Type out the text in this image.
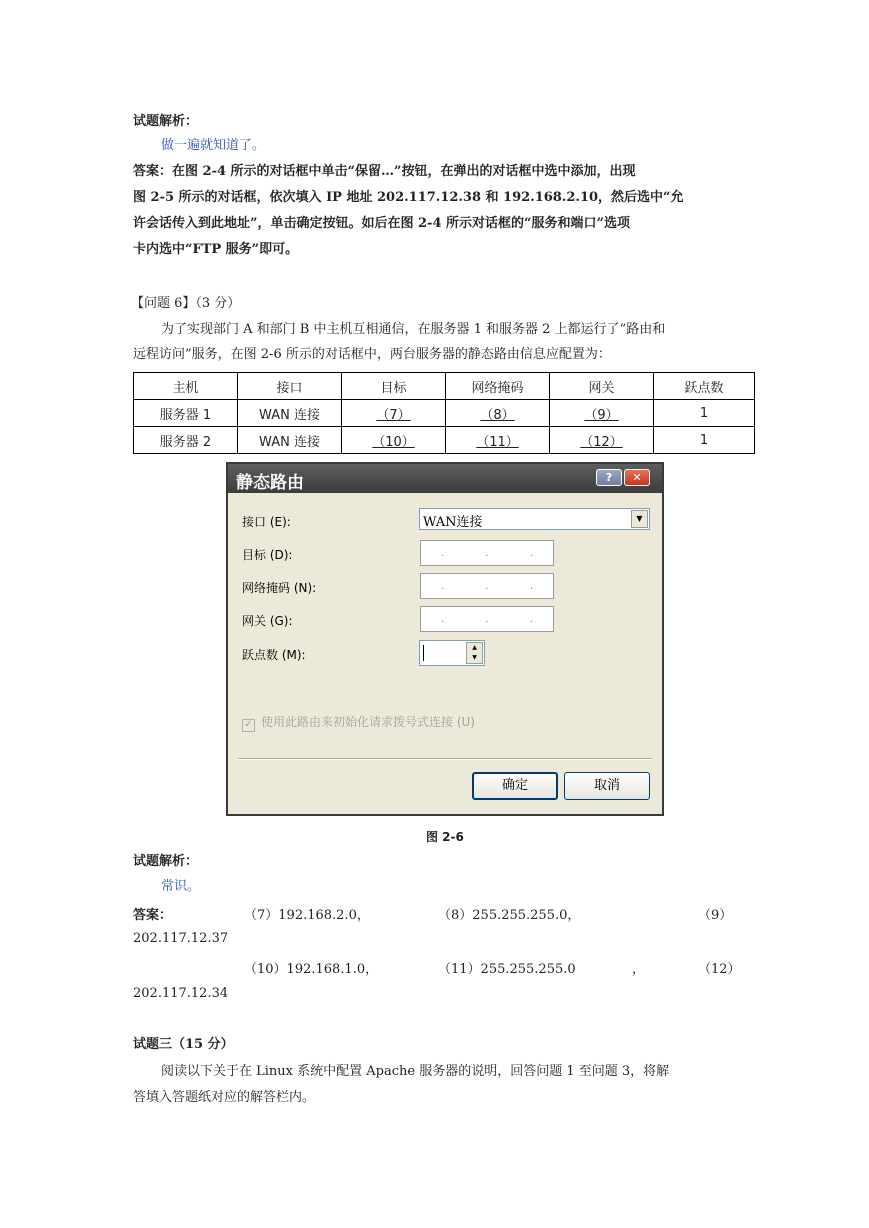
试题解析：
做一遍就知道了。
答案：在图 2-4 所示的对话框中单击“保留…”按钮，在弹出的对话框中选中添加，出现
图 2-5 所示的对话框，依次填入 IP 地址 202.117.12.38 和 192.168.2.10，然后选中“允
许会话传入到此地址”，单击确定按钮。如后在图 2-4 所示对话框的“服务和端口”选项
卡内选中“FTP 服务”即可。
【问题 6】（3 分）
为了实现部门 A 和部门 B 中主机互相通信，在服务器 1 和服务器 2 上都运行了“路由和
远程访问”服务，在图 2-6 所示的对话框中，两台服务器的静态路由信息应配置为：
主机	接口	目标	网络掩码	网关	跃点数
服务器 1	WAN 连接	（7）	（8）	（9）	1
服务器 2	WAN 连接	（10）	（11）	（12）	1
静态路由	?	✕
接口 (E):	WAN连接	▼
目标 (D):	.	.	.
网络掩码 (N):	.	.	.
网关 (G):	.	.	.
跃点数 (M):
▲
▼
✓ 使用此路由来初始化请求拨号式连接 (U)
确定	取消
图 2-6
试题解析：
常识。
答案：	（7）192.168.2.0，	（8）255.255.255.0，	（9）
202.117.12.37
（10）192.168.1.0，	（11）255.255.255.0	，	（12）
202.117.12.34
试题三（15 分）
阅读以下关于在 Linux 系统中配置 Apache 服务器的说明，回答问题 1 至问题 3，将解
答填入答题纸对应的解答栏内。
